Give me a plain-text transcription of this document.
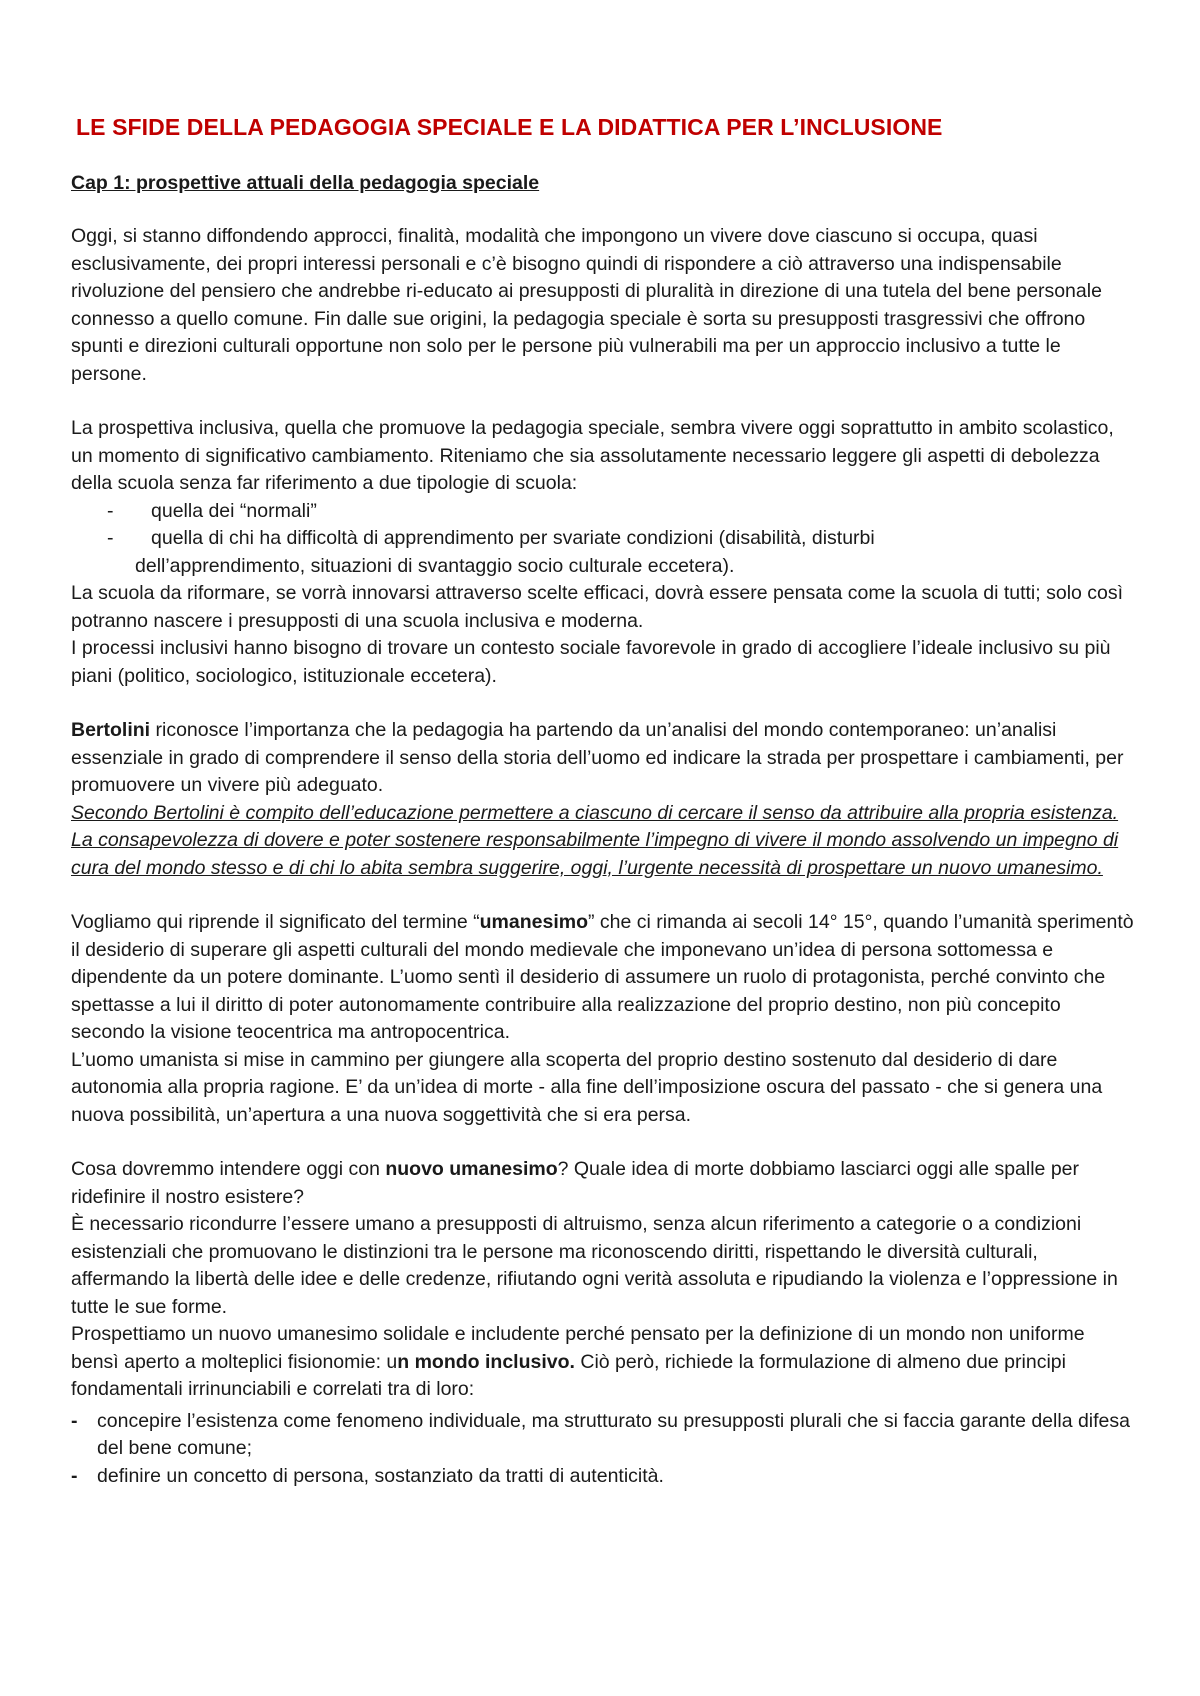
LE SFIDE DELLA PEDAGOGIA SPECIALE E LA DIDATTICA PER L’INCLUSIONE
Cap 1: prospettive attuali della pedagogia speciale

Oggi, si stanno diffondendo approcci, finalità, modalità che impongono un vivere dove ciascuno si occupa, quasi esclusivamente, dei propri interessi personali e c’è bisogno quindi di rispondere a ciò attraverso una indispensabile rivoluzione del pensiero che andrebbe ri-educato ai presupposti di pluralità in direzione di una tutela del bene personale connesso a quello comune. Fin dalle sue origini, la pedagogia speciale è sorta su presupposti trasgressivi che offrono spunti e direzioni culturali opportune non solo per le persone più vulnerabili ma per un approccio inclusivo a tutte le persone.

La prospettiva inclusiva, quella che promuove la pedagogia speciale, sembra vivere oggi soprattutto in ambito scolastico, un momento di significativo cambiamento. Riteniamo che sia assolutamente necessario leggere gli aspetti di debolezza della scuola senza far riferimento a due tipologie di scuola:

- quella dei “normali”
- quella di chi ha difficoltà di apprendimento per svariate condizioni (disabilità, disturbi
dell’apprendimento, situazioni di svantaggio socio culturale eccetera).

La scuola da riformare, se vorrà innovarsi attraverso scelte efficaci, dovrà essere pensata come la scuola di tutti; solo così potranno nascere i presupposti di una scuola inclusiva e moderna.

I processi inclusivi hanno bisogno di trovare un contesto sociale favorevole in grado di accogliere l’ideale inclusivo su più piani (politico, sociologico, istituzionale eccetera).

Bertolini riconosce l’importanza che la pedagogia ha partendo da un’analisi del mondo contemporaneo: un’analisi essenziale in grado di comprendere il senso della storia dell’uomo ed indicare la strada per prospettare i cambiamenti, per promuovere un vivere più adeguato.

Secondo Bertolini è compito dell’educazione permettere a ciascuno di cercare il senso da attribuire alla propria esistenza. La consapevolezza di dovere e poter sostenere responsabilmente l’impegno di vivere il mondo assolvendo un impegno di cura del mondo stesso e di chi lo abita sembra suggerire, oggi, l’urgente necessità di prospettare un nuovo umanesimo.

Vogliamo qui riprende il significato del termine “umanesimo” che ci rimanda ai secoli 14° 15°, quando l’umanità sperimentò il desiderio di superare gli aspetti culturali del mondo medievale che imponevano un’idea di persona sottomessa e dipendente da un potere dominante. L’uomo sentì il desiderio di assumere un ruolo di protagonista, perché convinto che spettasse a lui il diritto di poter autonomamente contribuire alla realizzazione del proprio destino, non più concepito secondo la visione teocentrica ma antropocentrica.

L’uomo umanista si mise in cammino per giungere alla scoperta del proprio destino sostenuto dal desiderio di dare autonomia alla propria ragione. E’ da un’idea di morte - alla fine dell’imposizione oscura del passato - che si genera una nuova possibilità, un’apertura a una nuova soggettività che si era persa.

Cosa dovremmo intendere oggi con nuovo umanesimo? Quale idea di morte dobbiamo lasciarci oggi alle spalle per ridefinire il nostro esistere?

È necessario ricondurre l’essere umano a presupposti di altruismo, senza alcun riferimento a categorie o a condizioni esistenziali che promuovano le distinzioni tra le persone ma riconoscendo diritti, rispettando le diversità culturali, affermando la libertà delle idee e delle credenze, rifiutando ogni verità assoluta e ripudiando la violenza e l’oppressione in tutte le sue forme.

Prospettiamo un nuovo umanesimo solidale e includente perché pensato per la definizione di un mondo non uniforme bensì aperto a molteplici fisionomie: un mondo inclusivo. Ciò però, richiede la formulazione di almeno due principi fondamentali irrinunciabili e correlati tra di loro:

- concepire l’esistenza come fenomeno individuale, ma strutturato su presupposti plurali che si faccia garante della difesa del bene comune;
- definire un concetto di persona, sostanziato da tratti di autenticità.
